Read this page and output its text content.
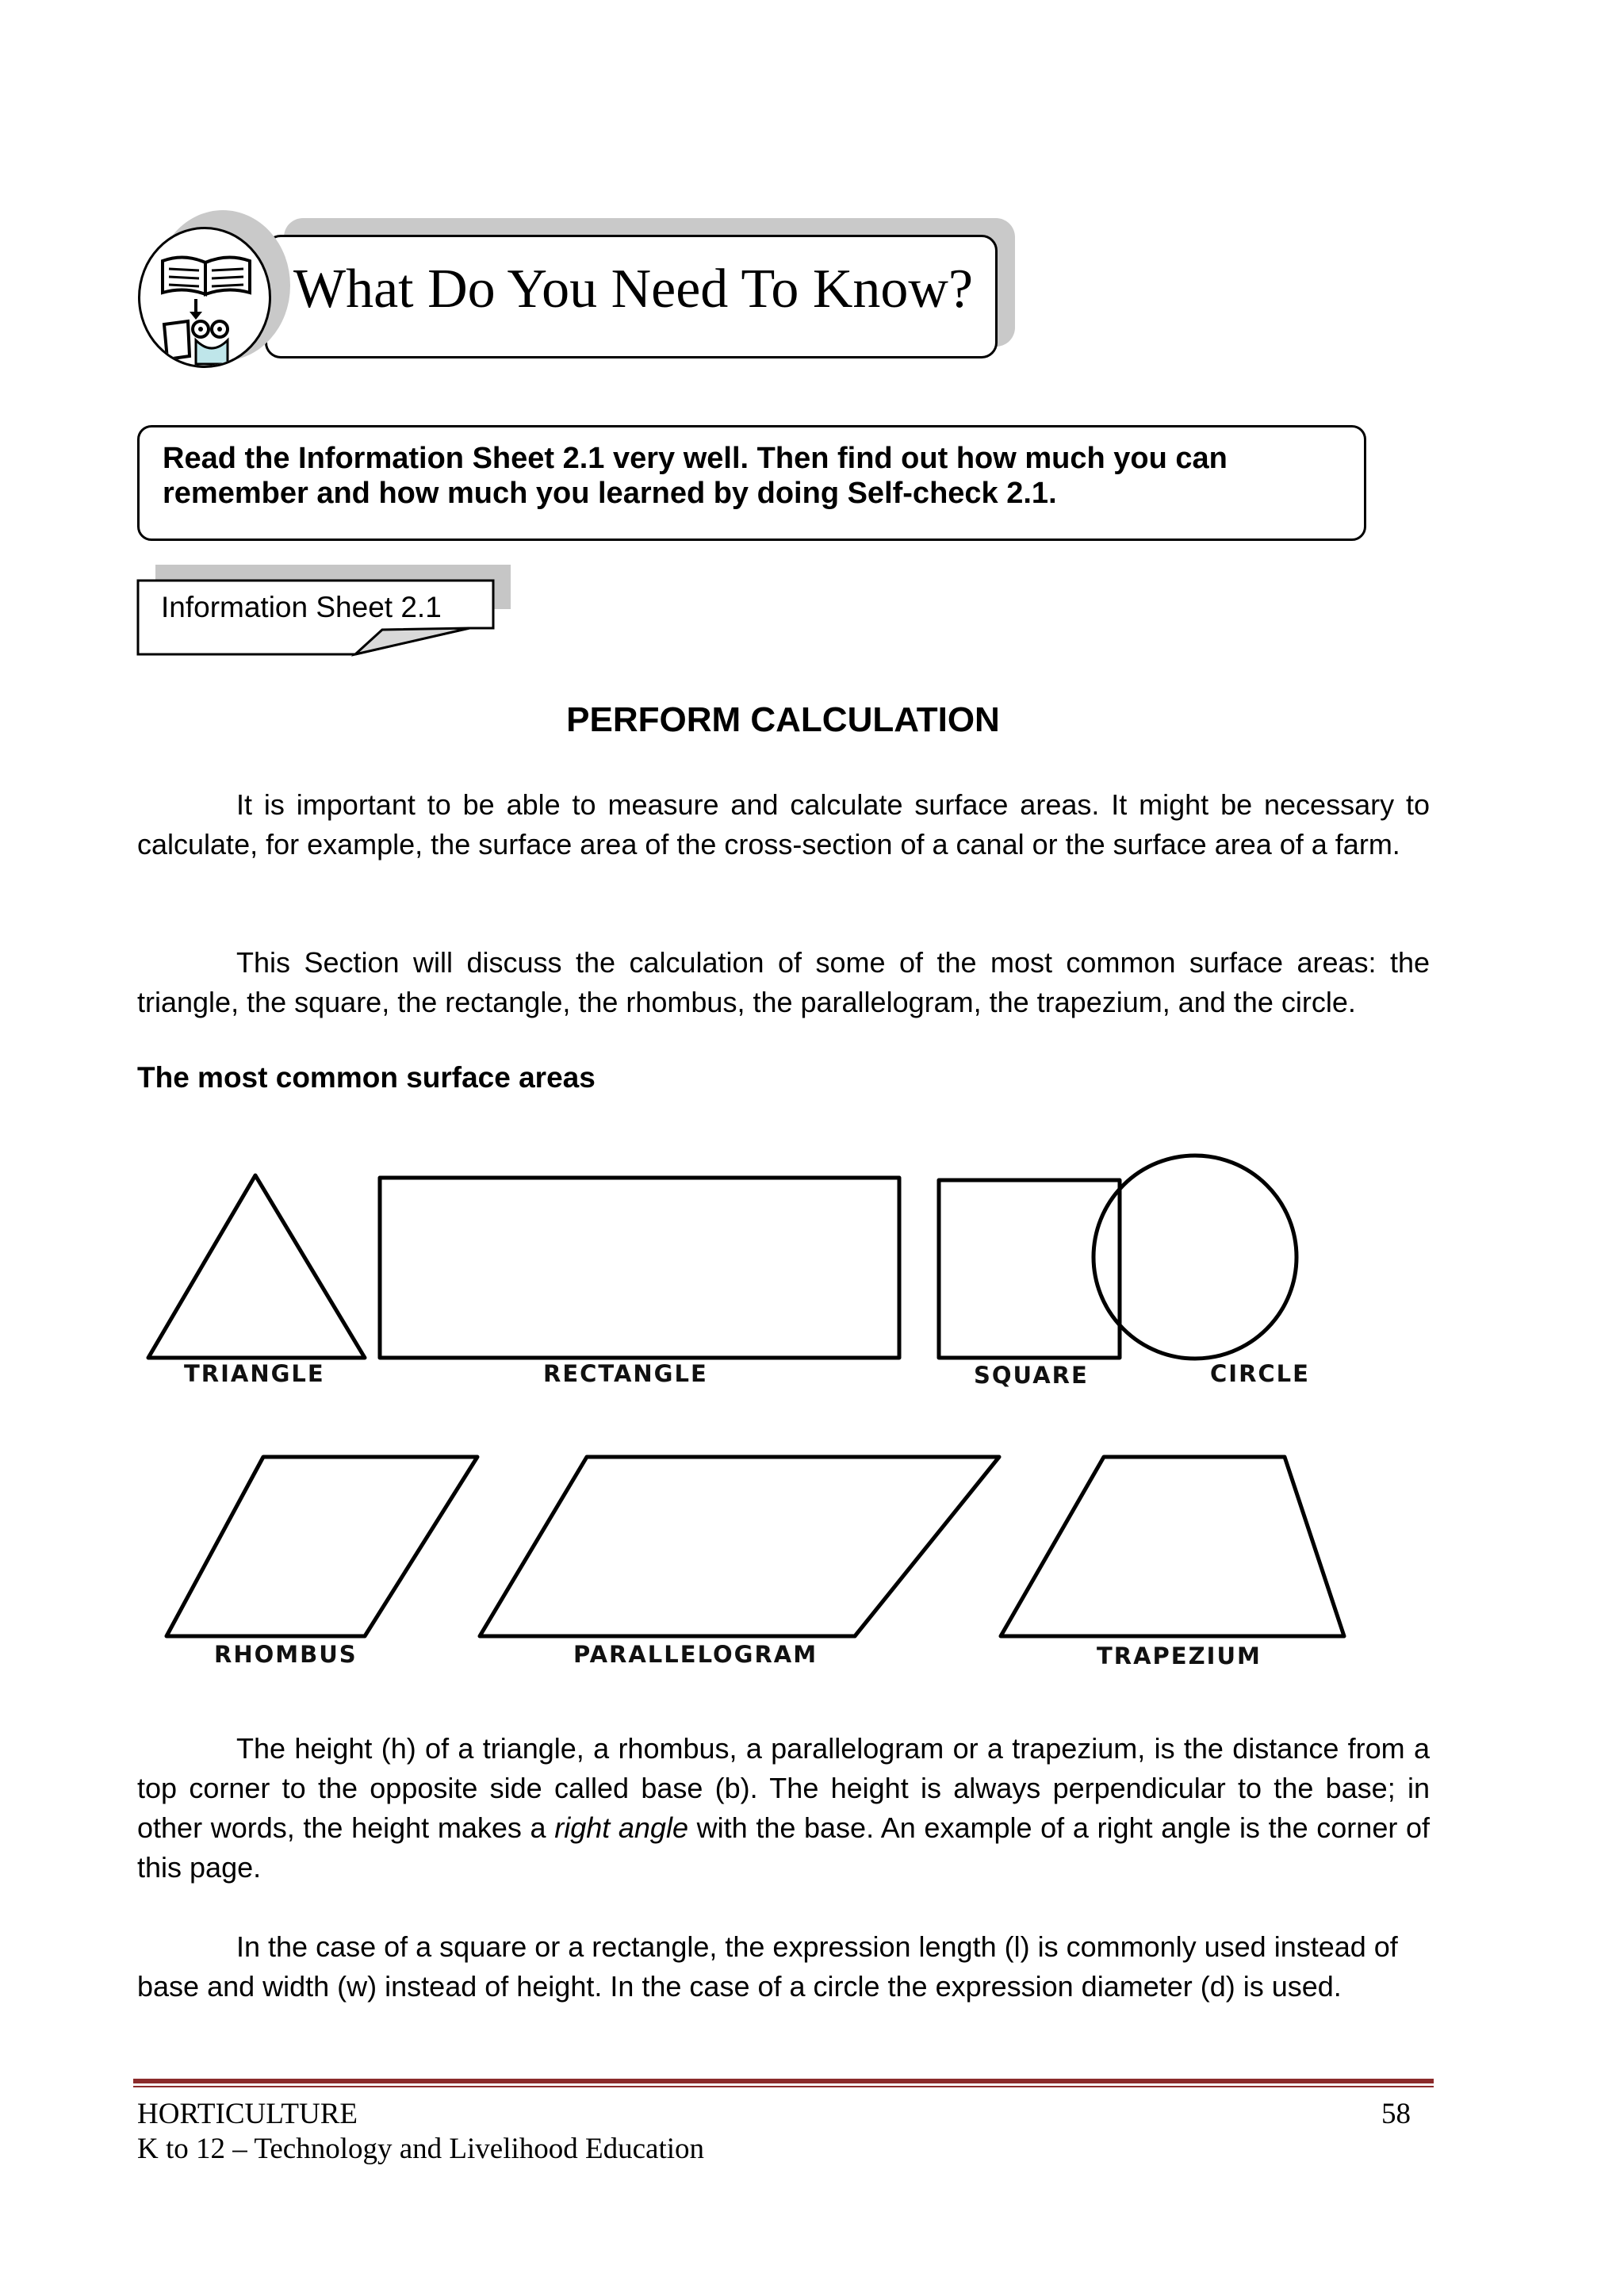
What Do You Need To Know?
Read the Information Sheet 2.1 very well. Then find out how much you can
remember and how much you learned by doing Self-check 2.1.
Information Sheet 2.1
PERFORM CALCULATION
It is important to be able to measure and calculate surface areas. It might be necessary to calculate, for example, the surface area of the cross-section of a canal or the surface area of a farm.
This Section will discuss the calculation of some of the most common surface areas: the triangle, the square, the rectangle, the rhombus, the parallelogram, the trapezium, and the circle.
The most common surface areas
TRIANGLE	RECTANGLE	SQUARE	CIRCLE
RHOMBUS	PARALLELOGRAM	TRAPEZIUM
The height (h) of a triangle, a rhombus, a parallelogram or a trapezium, is the distance from a top corner to the opposite side called base (b). The height is always perpendicular to the base; in other words, the height makes a right angle with the base. An example of a right angle is the corner of this page.
In the case of a square or a rectangle, the expression length (l) is commonly used instead of base and width (w) instead of height. In the case of a circle the expression diameter (d) is used.
HORTICULTURE
K to 12 – Technology and Livelihood Education
58
